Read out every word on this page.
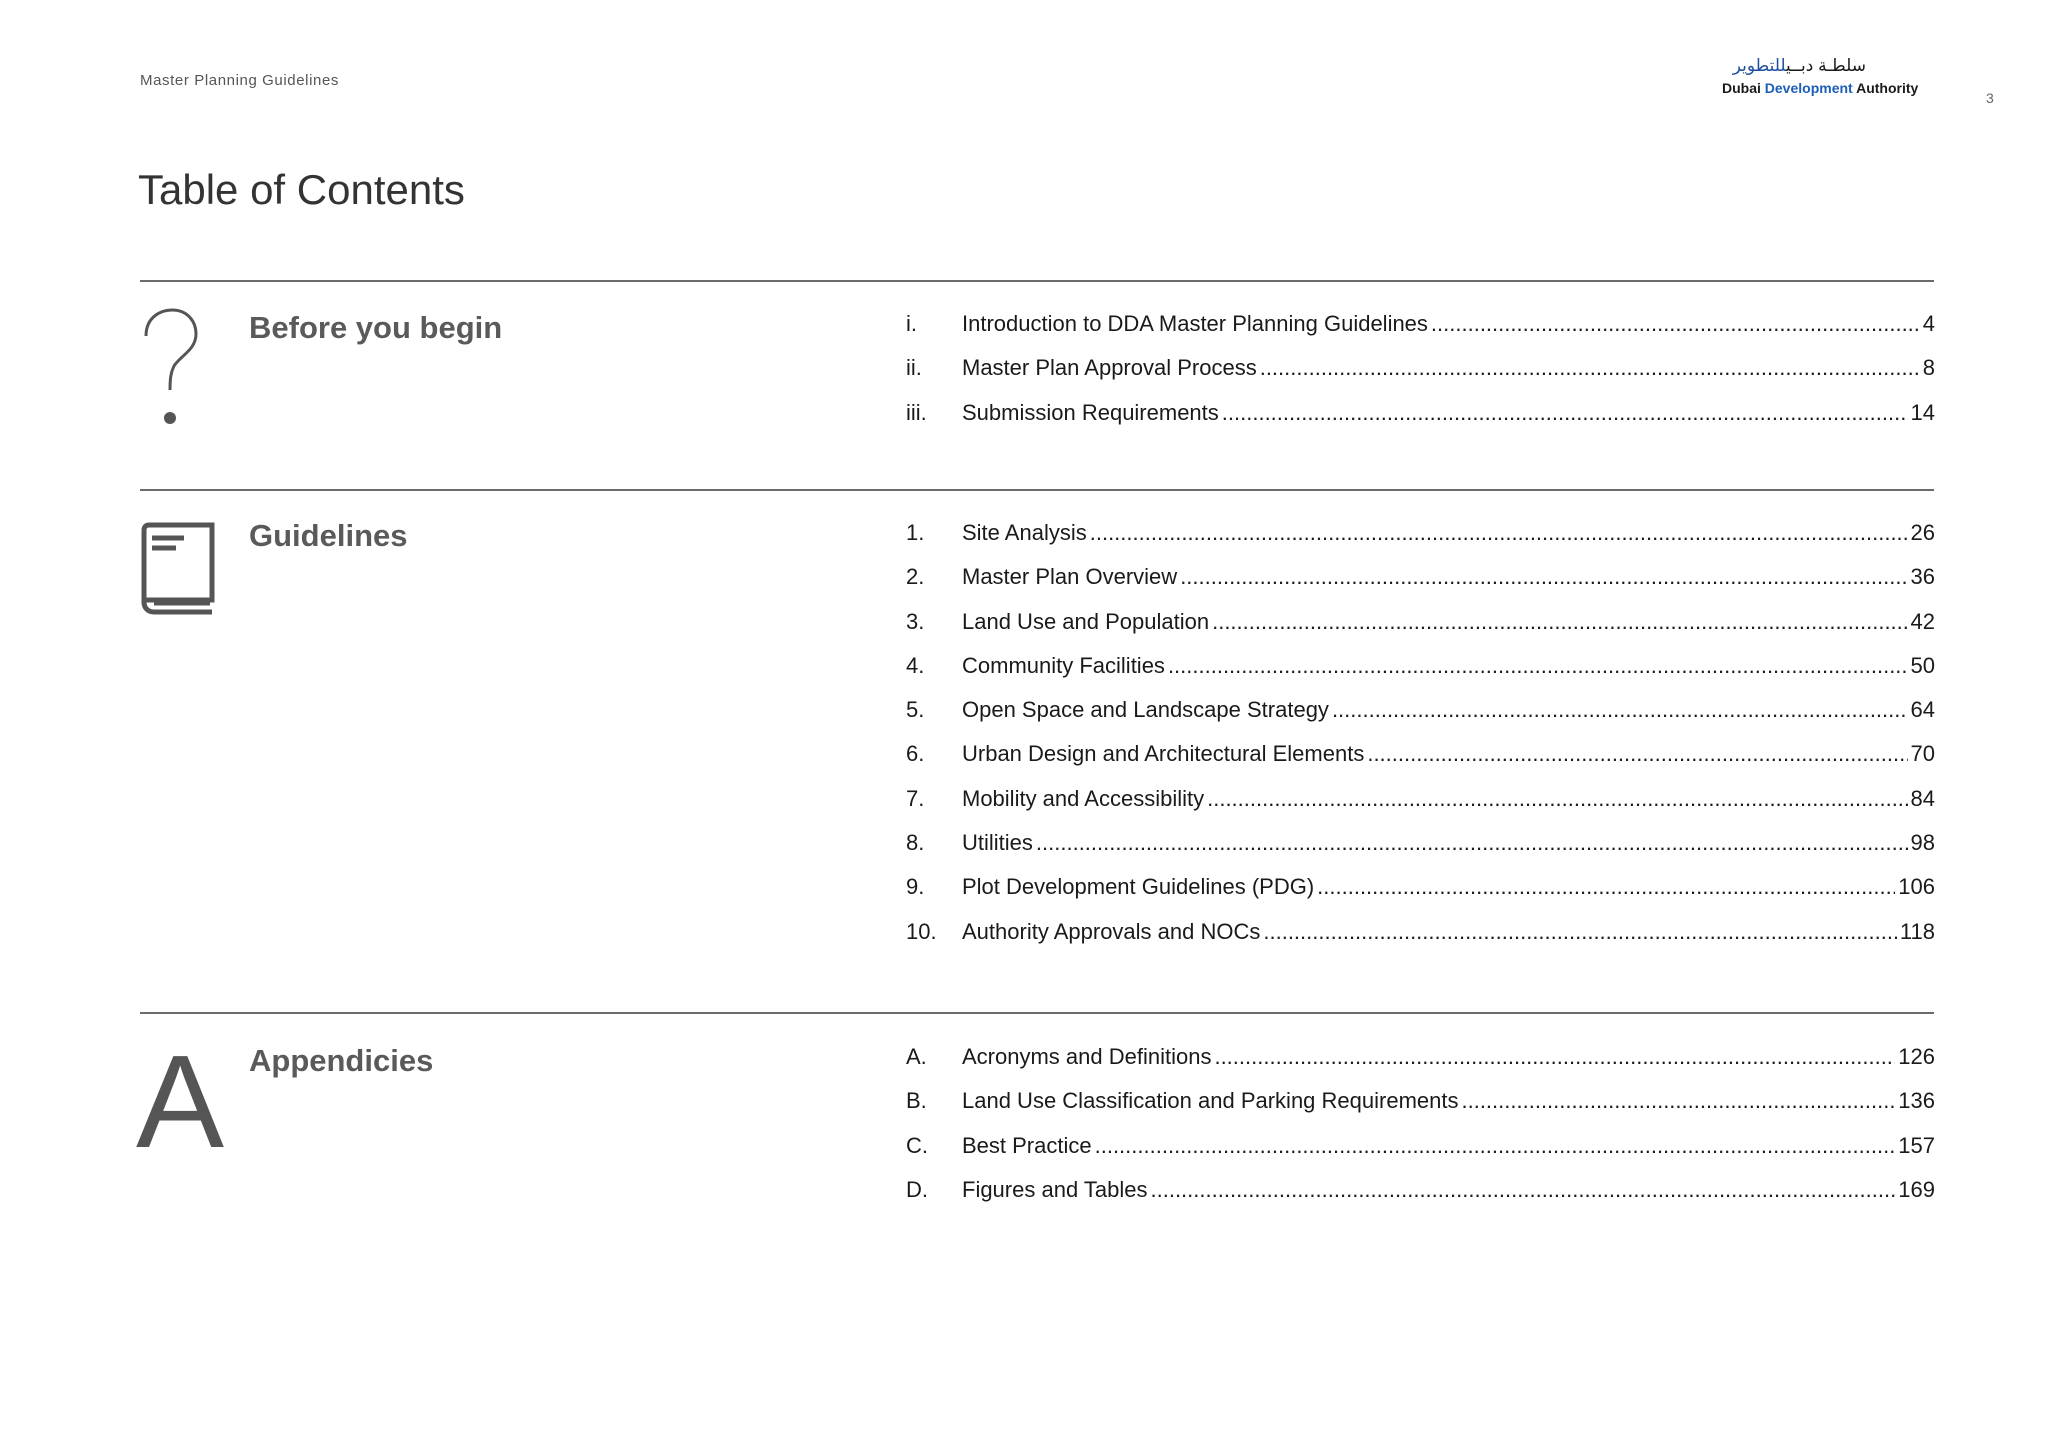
Master Planning Guidelines
سلطـة دبــيللتطوير
Dubai Development Authority
3
Table of Contents
Before you begin	i.	Introduction to DDA Master Planning Guidelines .....	4
ii.	Master Plan Approval Process .....	8
iii.	Submission Requirements .....	14
Guidelines	1.	Site Analysis .....	26
2.	Master Plan Overview .....	36
3.	Land Use and Population .....	42
4.	Community Facilities .....	50
5.	Open Space and Landscape Strategy .....	64
6.	Urban Design and Architectural Elements .....	70
7.	Mobility and Accessibility .....	84
8.	Utilities .....	98
9.	Plot Development Guidelines (PDG) .....	106
10.	Authority Approvals and NOCs .....	118
A Appendicies	A.	Acronyms and Definitions .....	126
B.	Land Use Classification and Parking Requirements .....	136
C.	Best Practice .....	157
D.	Figures and Tables .....	169
